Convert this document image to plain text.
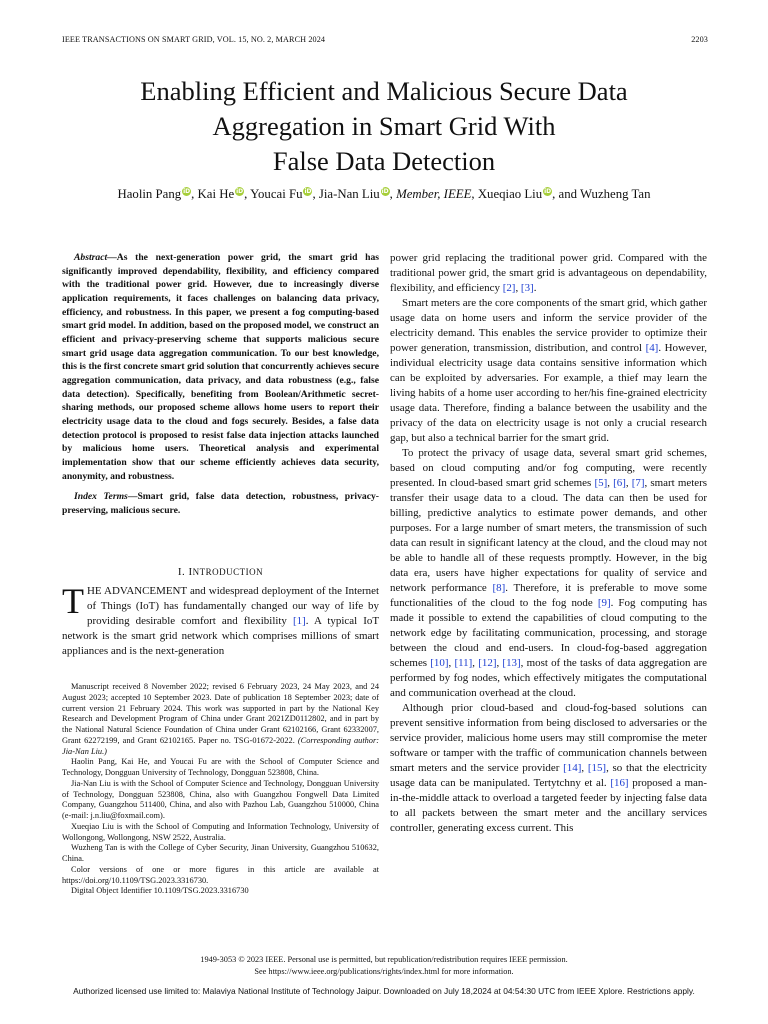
IEEE TRANSACTIONS ON SMART GRID, VOL. 15, NO. 2, MARCH 2024	2203
Enabling Efficient and Malicious Secure Data
Aggregation in Smart Grid With
False Data Detection
Haolin Pang iD, Kai He iD, Youcai Fu iD, Jia-Nan Liu iD, Member, IEEE, Xueqiao Liu iD, and Wuzheng Tan

Abstract—As the next-generation power grid, the smart grid has significantly improved dependability, flexibility, and efficiency compared with the traditional power grid. However, due to increasingly diverse application requirements, it faces challenges on balancing data privacy, efficiency, and robustness. In this paper, we present a fog computing-based smart grid model. In addition, based on the proposed model, we construct an efficient and privacy-preserving scheme that supports malicious secure smart grid usage data aggregation communication. To our best knowledge, this is the first concrete smart grid solution that concurrently achieves secure aggregation communication, data privacy, and data robustness (e.g., false data detection). Specifically, benefiting from Boolean/Arithmetic secret-sharing methods, our proposed scheme allows home users to report their electricity usage data to the cloud and fogs securely. Besides, a false data detection protocol is proposed to resist false data injection attacks launched by malicious home users. Theoretical analysis and experimental implementation show that our scheme efficiently achieves data security, anonymity, and robustness.

Index Terms—Smart grid, false data detection, robustness, privacy-preserving, malicious secure.

I. INTRODUCTION

THE ADVANCEMENT and widespread deployment of the Internet of Things (IoT) has fundamentally changed our way of life by providing desirable comfort and flexibility [1]. A typical IoT network is the smart grid network which comprises millions of smart appliances and is the next-generation

Manuscript received 8 November 2022; revised 6 February 2023, 24 May 2023, and 24 August 2023; accepted 10 September 2023. Date of publication 18 September 2023; date of current version 21 February 2024. This work was supported in part by the National Key Research and Development Program of China under Grant 2021ZD0112802, and in part by the National Natural Science Foundation of China under Grant 62102166, Grant 62332007, Grant 62272199, and Grant 62102165. Paper no. TSG-01672-2022. (Corresponding author: Jia-Nan Liu.)

Haolin Pang, Kai He, and Youcai Fu are with the School of Computer Science and Technology, Dongguan University of Technology, Dongguan 523808, China.

Jia-Nan Liu is with the School of Computer Science and Technology, Dongguan University of Technology, Dongguan 523808, China, also with Guangzhou Fongwell Data Limited Company, Guangzhou 511400, China, and also with Pazhou Lab, Guangzhou 510000, China (e-mail: j.n.liu@foxmail.com).

Xueqiao Liu is with the School of Computing and Information Technology, University of Wollongong, Wollongong, NSW 2522, Australia.

Wuzheng Tan is with the College of Cyber Security, Jinan University, Guangzhou 510632, China.

Color versions of one or more figures in this article are available at https://doi.org/10.1109/TSG.2023.3316730.

Digital Object Identifier 10.1109/TSG.2023.3316730

power grid replacing the traditional power grid. Compared with the traditional power grid, the smart grid is advantageous on dependability, flexibility, and efficiency [2], [3].

Smart meters are the core components of the smart grid, which gather usage data on home users and inform the service provider of the electricity demand. This enables the service provider to optimize their power generation, transmission, distribution, and control [4]. However, individual electricity usage data contains sensitive information which can be exploited by adversaries. For example, a thief may learn the living habits of a home user according to her/his fine-grained electricity usage data. Therefore, finding a balance between the usability and the privacy of the data on electricity usage is not only a crucial research gap, but also a technical barrier for the smart grid.

To protect the privacy of usage data, several smart grid schemes, based on cloud computing and/or fog computing, were recently presented. In cloud-based smart grid schemes [5], [6], [7], smart meters transfer their usage data to a cloud. The data can then be used for billing, predictive analytics to estimate power demands, and other purposes. For a large number of smart meters, the transmission of such data can result in significant latency at the cloud, and the cloud may not be able to handle all of these requests promptly. However, in the big data era, users have higher expectations for quality of service and network performance [8]. Therefore, it is preferable to move some functionalities of the cloud to the fog node [9]. Fog computing has made it possible to extend the capabilities of cloud computing to the network edge by facilitating communication, processing, and storage between the cloud and end-users. In cloud-fog-based aggregation schemes [10], [11], [12], [13], most of the tasks of data aggregation are performed by fog nodes, which effectively mitigates the computational and communication overhead at the cloud.

Although prior cloud-based and cloud-fog-based solutions can prevent sensitive information from being disclosed to adversaries or the service provider, malicious home users may still compromise the meter software or tamper with the traffic of communication channels between smart meters and the service provider [14], [15], so that the electricity usage data can be manipulated. Tertytchny et al. [16] proposed a man-in-the-middle attack to overload a targeted feeder by injecting false data to all packets between the smart meter and the ancillary services controller, generating excess current. This

1949-3053 © 2023 IEEE. Personal use is permitted, but republication/redistribution requires IEEE permission.
See https://www.ieee.org/publications/rights/index.html for more information.
Authorized licensed use limited to: Malaviya National Institute of Technology Jaipur. Downloaded on July 18,2024 at 04:54:30 UTC from IEEE Xplore. Restrictions apply.
